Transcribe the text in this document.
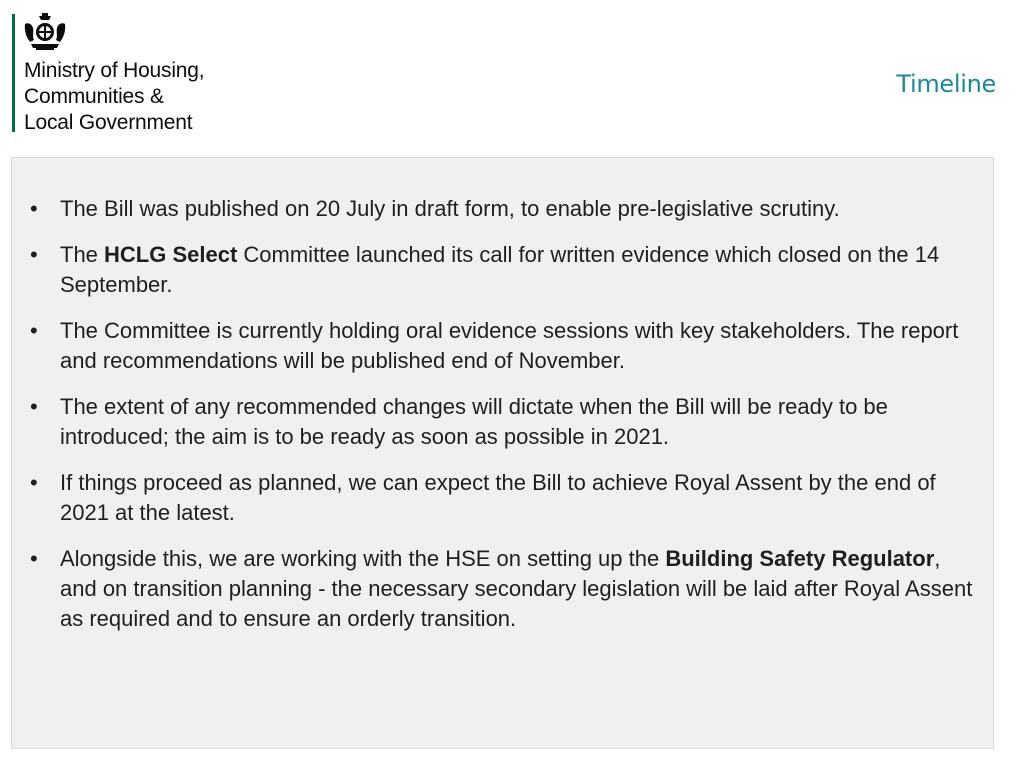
Ministry of Housing,
Communities &
Local Government
Timeline
•	The Bill was published on 20 July in draft form, to enable pre-legislative scrutiny.
•	The HCLG Select Committee launched its call for written evidence which closed on the 14 September.
•	The Committee is currently holding oral evidence sessions with key stakeholders. The report and recommendations will be published end of November.
•	The extent of any recommended changes will dictate when the Bill will be ready to be introduced; the aim is to be ready as soon as possible in 2021.
•	If things proceed as planned, we can expect the Bill to achieve Royal Assent by the end of 2021 at the latest.
•	Alongside this, we are working with the HSE on setting up the Building Safety Regulator, and on transition planning - the necessary secondary legislation will be laid after Royal Assent as required and to ensure an orderly transition.
